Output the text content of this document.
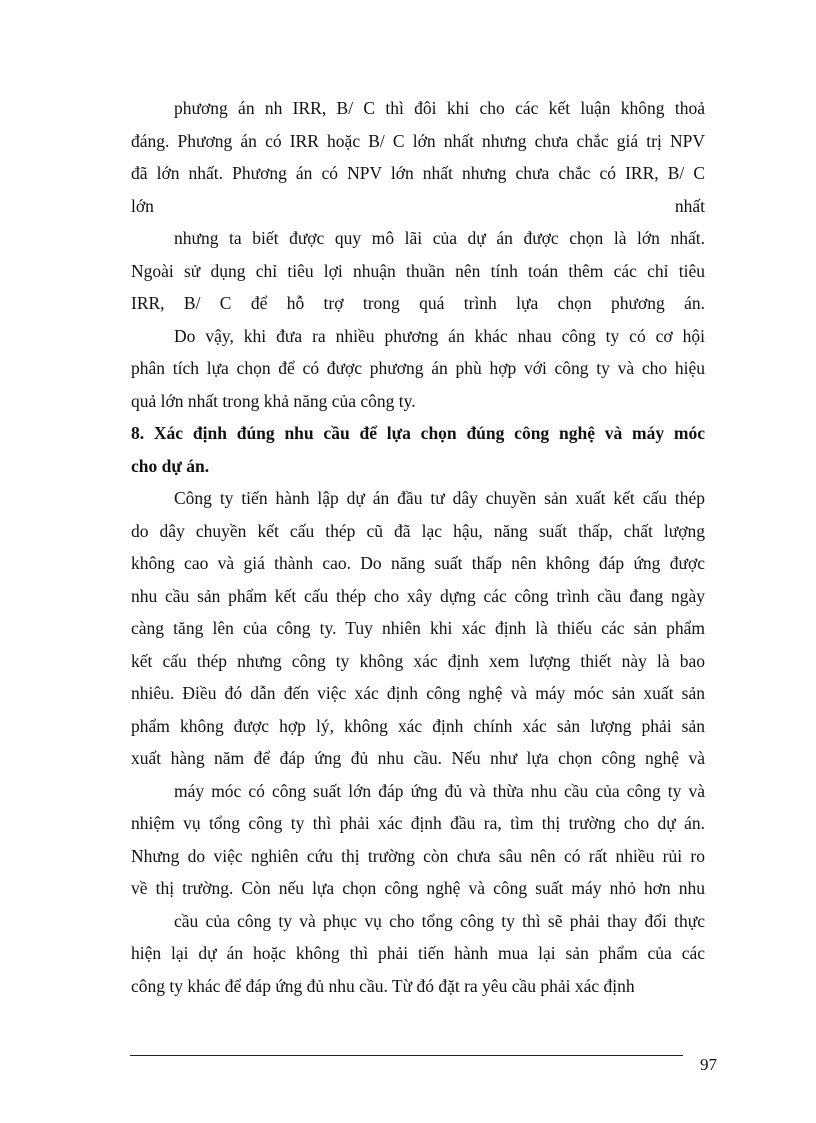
phương án nh IRR, B/ C thì đôi khi cho các kết luận không thoả
đáng. Phương án có IRR hoặc B/ C lớn nhất nhưng chưa chắc giá trị NPV
đã lớn nhất. Phương án có NPV lớn nhất nhưng chưa chắc có IRR, B/ C
lớn	nhất
nhưng ta biết được quy mô lãi của dự án được chọn là lớn nhất.
Ngoài sử dụng chỉ tiêu lợi nhuận thuần nên tính toán thêm các chỉ tiêu
IRR, B/ C để hỗ trợ trong quá trình lựa chọn phương án.
Do vậy, khi đưa ra nhiều phương án khác nhau công ty có cơ hội
phân tích lựa chọn để có được phương án phù hợp với công ty và cho hiệu
quả lớn nhất trong khả năng của công ty.
8. Xác định đúng nhu cầu để lựa chọn đúng công nghệ và máy móc
cho dự án.
Công ty tiến hành lập dự án đầu tư dây chuyền sản xuất kết cấu thép
do dây chuyền kết cấu thép cũ đã lạc hậu, năng suất thấp, chất lượng
không cao và giá thành cao. Do năng suất thấp nên không đáp ứng được
nhu cầu sản phẩm kết cấu thép cho xây dựng các công trình cầu đang ngày
càng tăng lên của công ty. Tuy nhiên khi xác định là thiếu các sản phẩm
kết cấu thép nhưng công ty không xác định xem lượng thiết này là bao
nhiêu. Điều đó dẫn đến việc xác định công nghệ và máy móc sản xuất sản
phẩm không được hợp lý, không xác định chính xác sản lượng phải sản
xuất hàng năm để đáp ứng đủ nhu cầu. Nếu như lựa chọn công nghệ và
máy móc có công suất lớn đáp ứng đủ và thừa nhu cầu của công ty và
nhiệm vụ tổng công ty thì phải xác định đầu ra, tìm thị trường cho dự án.
Nhưng do việc nghiên cứu thị trường còn chưa sâu nên có rất nhiều rủi ro
về thị trường. Còn nếu lựa chọn công nghệ và công suất máy nhỏ hơn nhu
cầu của công ty và phục vụ cho tổng công ty thì sẽ phải thay đổi thực
hiện lại dự án hoặc không thì phải tiến hành mua lại sản phẩm của các
công ty khác để đáp ứng đủ nhu cầu. Từ đó đặt ra yêu cầu phải xác định
97
